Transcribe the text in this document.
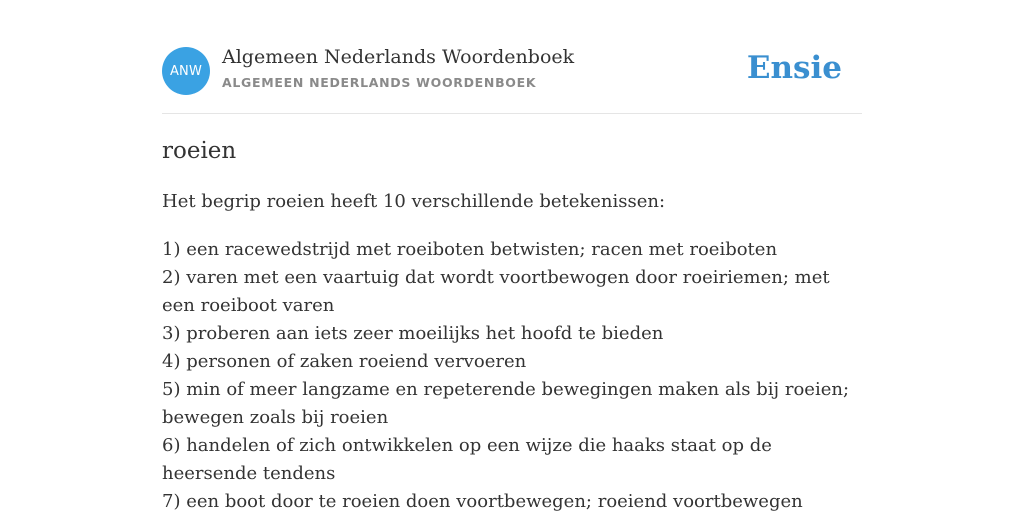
ANW
Algemeen Nederlands Woordenboek
ALGEMEEN NEDERLANDS WOORDENBOEK	Ensie
roeien

Het begrip roeien heeft 10 verschillende betekenissen:

1) een racewedstrijd met roeiboten betwisten; racen met roeiboten
2) varen met een vaartuig dat wordt voortbewogen door roeiriemen; met een roeiboot varen
3) proberen aan iets zeer moeilijks het hoofd te bieden
4) personen of zaken roeiend vervoeren
5) min of meer langzame en repeterende bewegingen maken als bij roeien; bewegen zoals bij roeien
6) handelen of zich ontwikkelen op een wijze die haaks staat op de heersende tendens
7) een boot door te roeien doen voortbewegen; roeiend voortbewegen
